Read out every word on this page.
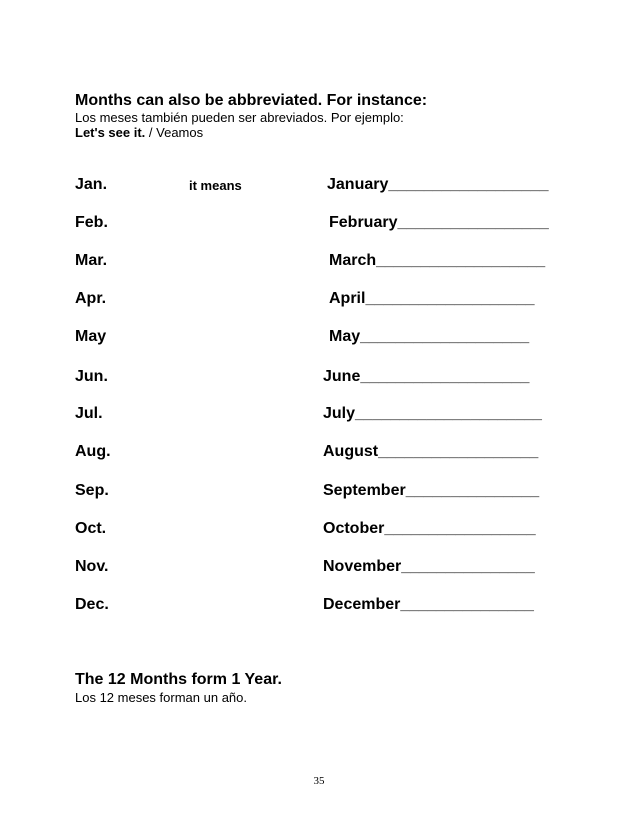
Months can also be abbreviated. For instance:
Los meses también pueden ser abreviados. Por ejemplo:
Let's see it. / Veamos
Jan.	it means	January__________________
Feb.	February_________________
Mar.	March___________________
Apr.	April___________________
May	May___________________
Jun.	June___________________
Jul.	July_____________________
Aug.	August__________________
Sep.	September_______________
Oct.	October_________________
Nov.	November_______________
Dec.	December_______________
The 12 Months form 1 Year.
Los 12 meses forman un año.
35
